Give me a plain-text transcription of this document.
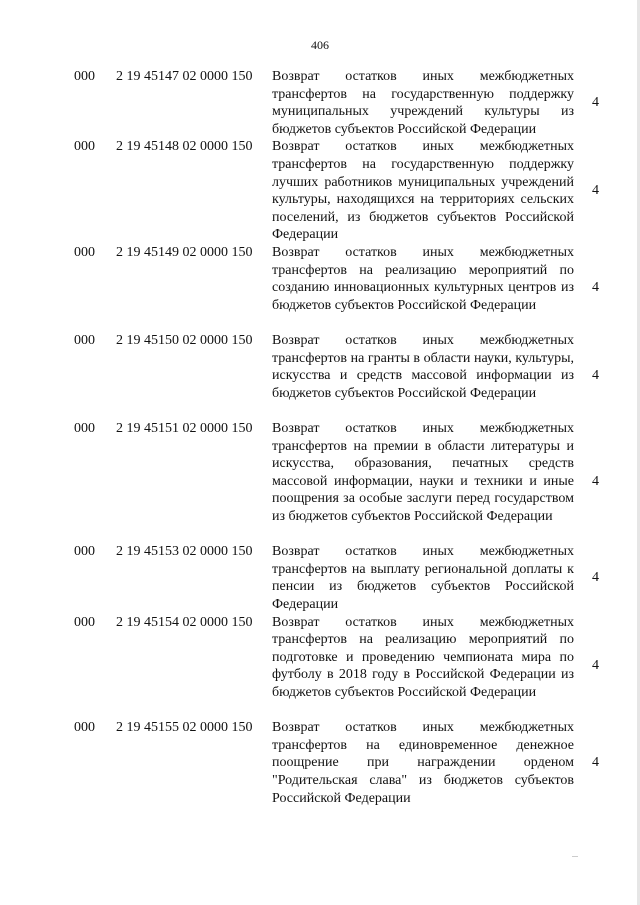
406
000 2 19 45147 02 0000 150 Возврат остатков иных межбюджетных трансфертов на государственную поддержку муниципальных учреждений культуры из бюджетов субъектов Российской Федерации
4
000 2 19 45148 02 0000 150 Возврат остатков иных межбюджетных трансфертов на государственную поддержку лучших работников муниципальных учреждений культуры, находящихся на территориях сельских поселений, из бюджетов субъектов Российской Федерации
4
000 2 19 45149 02 0000 150 Возврат остатков иных межбюджетных трансфертов на реализацию мероприятий по созданию инновационных культурных центров из бюджетов субъектов Российской Федерации
4
000 2 19 45150 02 0000 150 Возврат остатков иных межбюджетных трансфертов на гранты в области науки, культуры, искусства и средств массовой информации из бюджетов субъектов Российской Федерации
4
000 2 19 45151 02 0000 150 Возврат остатков иных межбюджетных трансфертов на премии в области литературы и искусства, образования, печатных средств массовой информации, науки и техники и иные поощрения за особые заслуги перед государством из бюджетов субъектов Российской Федерации
4
000 2 19 45153 02 0000 150 Возврат остатков иных межбюджетных трансфертов на выплату региональной доплаты к пенсии из бюджетов субъектов Российской Федерации
4
000 2 19 45154 02 0000 150 Возврат остатков иных межбюджетных трансфертов на реализацию мероприятий по подготовке и проведению чемпионата мира по футболу в 2018 году в Российской Федерации из бюджетов субъектов Российской Федерации
4
000 2 19 45155 02 0000 150 Возврат остатков иных межбюджетных трансфертов на единовременное денежное поощрение при награждении орденом "Родительская слава" из бюджетов субъектов Российской Федерации
4
